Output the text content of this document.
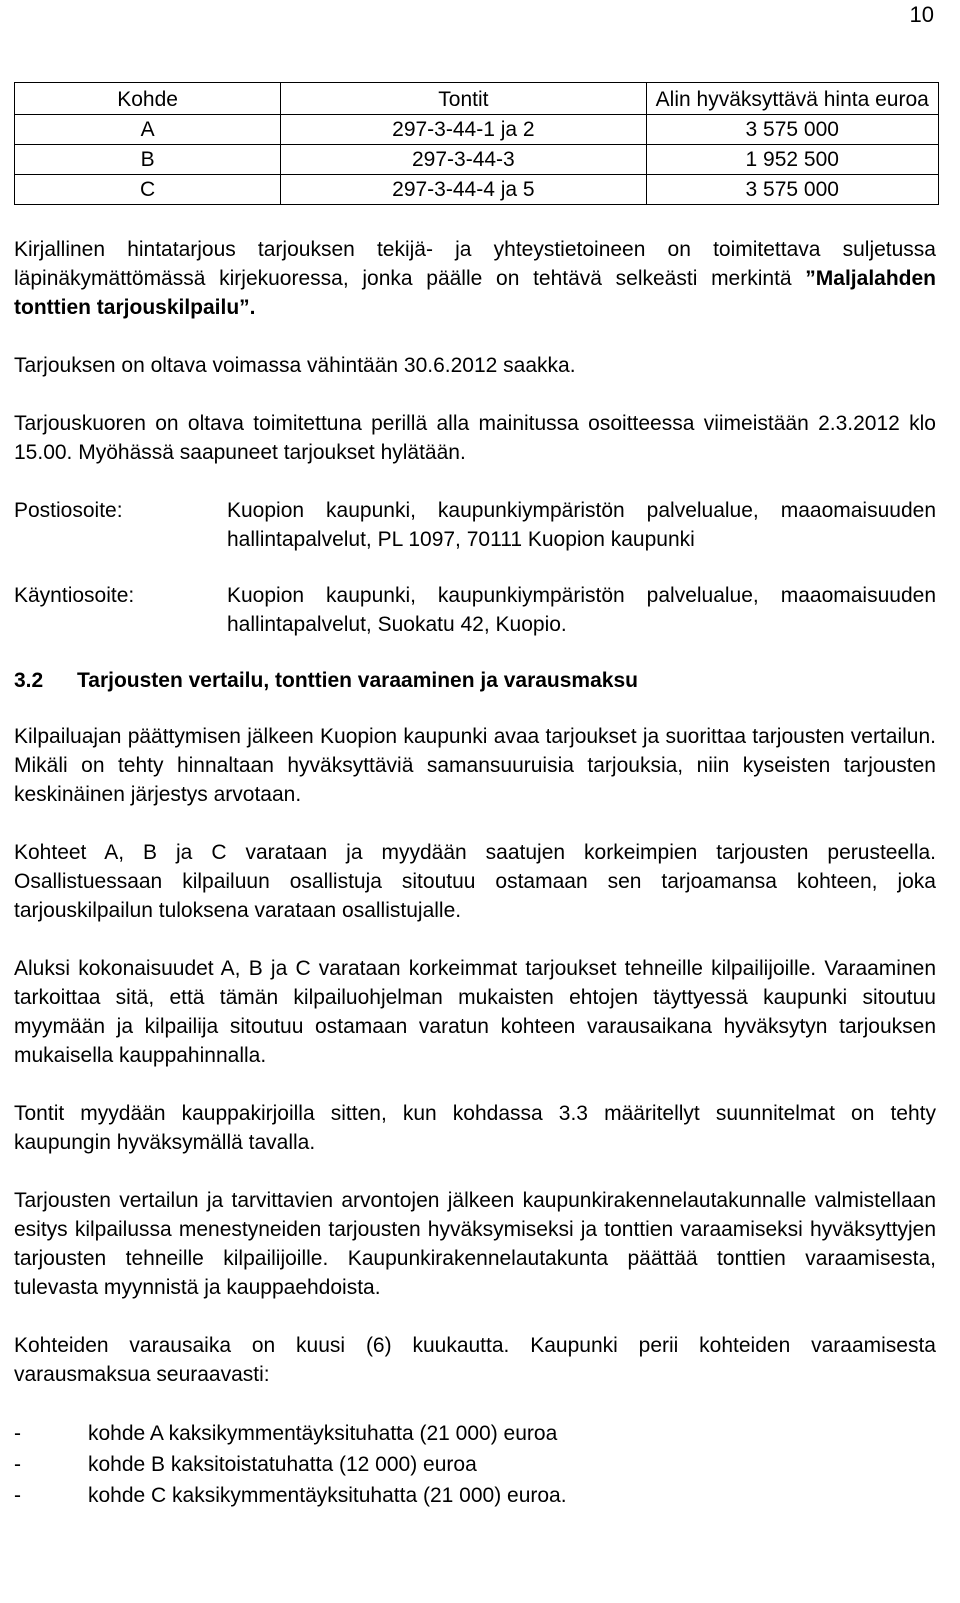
10
Kohde	Tontit	Alin hyväksyttävä hinta euroa
A	297-3-44-1 ja 2	3 575 000
B	297-3-44-3	1 952 500
C	297-3-44-4 ja 5	3 575 000

Kirjallinen hintatarjous tarjouksen tekijä- ja yhteystietoineen on toimitettava suljetussa läpinäkymättömässä kirjekuoressa, jonka päälle on tehtävä selkeästi merkintä ”Maljalahden tonttien tarjouskilpailu”.

Tarjouksen on oltava voimassa vähintään 30.6.2012 saakka.

Tarjouskuoren on oltava toimitettuna perillä alla mainitussa osoitteessa viimeistään 2.3.2012 klo 15.00. Myöhässä saapuneet tarjoukset hylätään.

Postiosoite:	Kuopion kaupunki, kaupunkiympäristön palvelualue, maaomaisuuden hallintapalvelut, PL 1097, 70111 Kuopion kaupunki
Käyntiosoite:	Kuopion kaupunki, kaupunkiympäristön palvelualue, maaomaisuuden hallintapalvelut, Suokatu 42, Kuopio.
3.2	Tarjousten vertailu, tonttien varaaminen ja varausmaksu

Kilpailuajan päättymisen jälkeen Kuopion kaupunki avaa tarjoukset ja suorittaa tarjousten vertailun. Mikäli on tehty hinnaltaan hyväksyttäviä samansuuruisia tarjouksia, niin kyseisten tarjousten keskinäinen järjestys arvotaan.

Kohteet A, B ja C varataan ja myydään saatujen korkeimpien tarjousten perusteella. Osallistuessaan kilpailuun osallistuja sitoutuu ostamaan sen tarjoamansa kohteen, joka tarjouskilpailun tuloksena varataan osallistujalle.

Aluksi kokonaisuudet A, B ja C varataan korkeimmat tarjoukset tehneille kilpailijoille. Varaaminen tarkoittaa sitä, että tämän kilpailuohjelman mukaisten ehtojen täyttyessä kaupunki sitoutuu myymään ja kilpailija sitoutuu ostamaan varatun kohteen varausaikana hyväksytyn tarjouksen mukaisella kauppahinnalla.

Tontit myydään kauppakirjoilla sitten, kun kohdassa 3.3 määritellyt suunnitelmat on tehty kaupungin hyväksymällä tavalla.

Tarjousten vertailun ja tarvittavien arvontojen jälkeen kaupunkirakennelautakunnalle valmistellaan esitys kilpailussa menestyneiden tarjousten hyväksymiseksi ja tonttien varaamiseksi hyväksyttyjen tarjousten tehneille kilpailijoille. Kaupunkirakennelautakunta päättää tonttien varaamisesta, tulevasta myynnistä ja kauppaehdoista.

Kohteiden varausaika on kuusi (6) kuukautta. Kaupunki perii kohteiden varaamisesta varausmaksua seuraavasti:

-	kohde A kaksikymmentäyksituhatta (21 000) euroa
-	kohde B kaksitoistatuhatta (12 000) euroa
-	kohde C kaksikymmentäyksituhatta (21 000) euroa.
